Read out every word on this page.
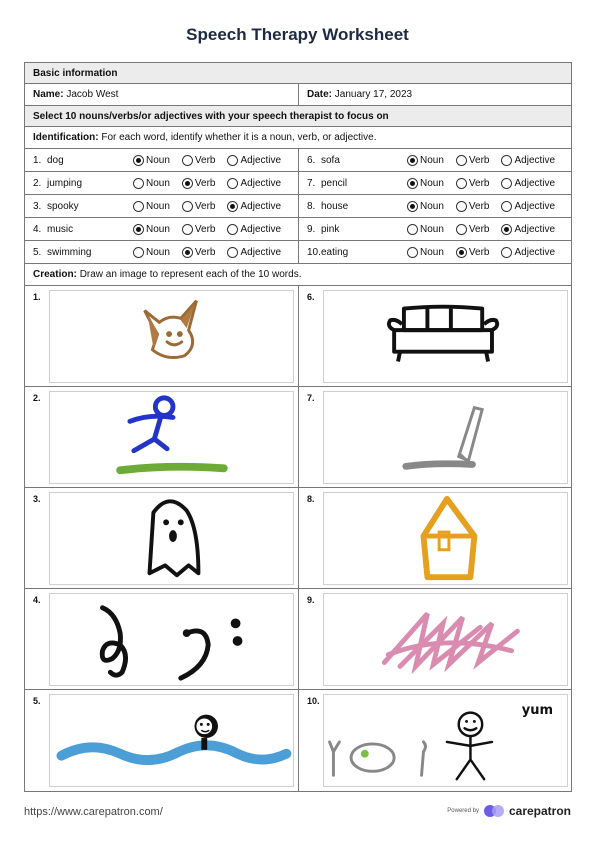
Speech Therapy Worksheet
Basic information
Name:
Jacob West	Date:
January 17, 2023
Select 10 nouns/verbs/or adjectives with your speech therapist to focus on
Identification:
For each word, identify whether it is a noun, verb, or adjective.
1. dog	Noun	Verb	Adjective	6. sofa	Noun	Verb	Adjective
2. jumping	Noun	Verb	Adjective	7. pencil	Noun	Verb	Adjective
3. spooky	Noun	Verb	Adjective	8. house	Noun	Verb	Adjective
4. music	Noun	Verb	Adjective	9. pink	Noun	Verb	Adjective
5. swimming	Noun	Verb	Adjective	10. eating	Noun	Verb	Adjective
Creation:
Draw an image to represent each of the 10 words.
1.	6.
2.	7.
3.	8.
4.	9.
5.	10.
yum
https://www.carepatron.com/	Powered by	carepatron
